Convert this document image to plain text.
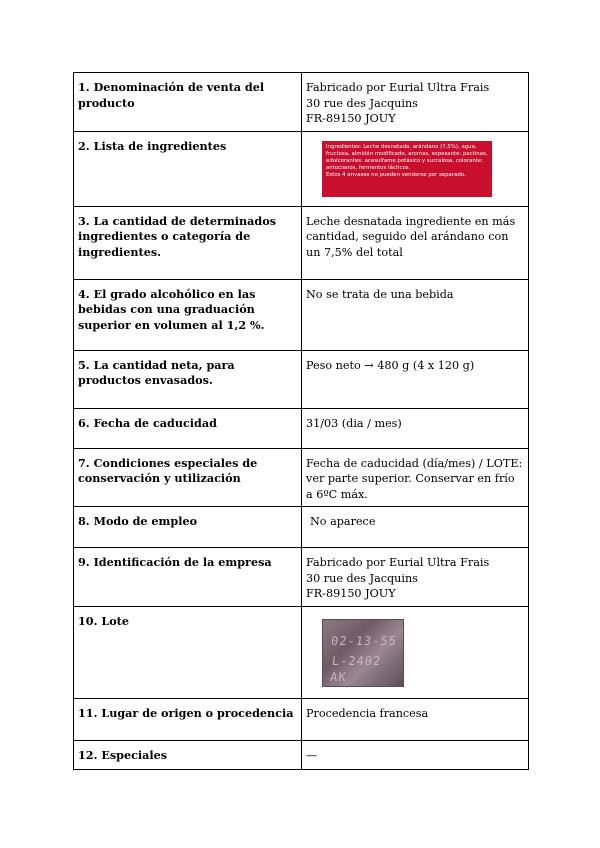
1. Denominación de venta del producto	Fabricado por Eurial Ultra Frais
30 rue des Jacquins
FR-89150 JOUY
2. Lista de ingredientes	Ingredientes: Leche desnatada, arándano (7,5%), agua, fructosa, almidón modificado, aromas, espesante: pectinas, edulcorantes: acesulfame potásico y sucralosa, colorante: antocianos, fermentos lácticos.
Estos 4 envases no pueden venderse por separado.

3. La cantidad de determinados ingredientes o categoría de ingredientes.	Leche desnatada ingrediente en más cantidad, seguido del arándano con un 7,5% del total
4. El grado alcohólico en las bebidas con una graduación superior en volumen al 1,2 %.	No se trata de una bebida
5. La cantidad neta, para productos envasados.	Peso neto → 480 g (4 x 120 g)
6. Fecha de caducidad	31/03 (dia / mes)
7. Condiciones especiales de conservación y utilización	Fecha de caducidad (día/mes) / LOTE: ver parte superior. Conservar en frío a 6ºC máx.
8. Modo de empleo	No aparece
9. Identificación de la empresa	Fabricado por Eurial Ultra Frais
30 rue des Jacquins
FR-89150 JOUY
10. Lote	02-13-55
L-2402 AK

11. Lugar de origen o procedencia	Procedencia francesa
12. Especiales	—
